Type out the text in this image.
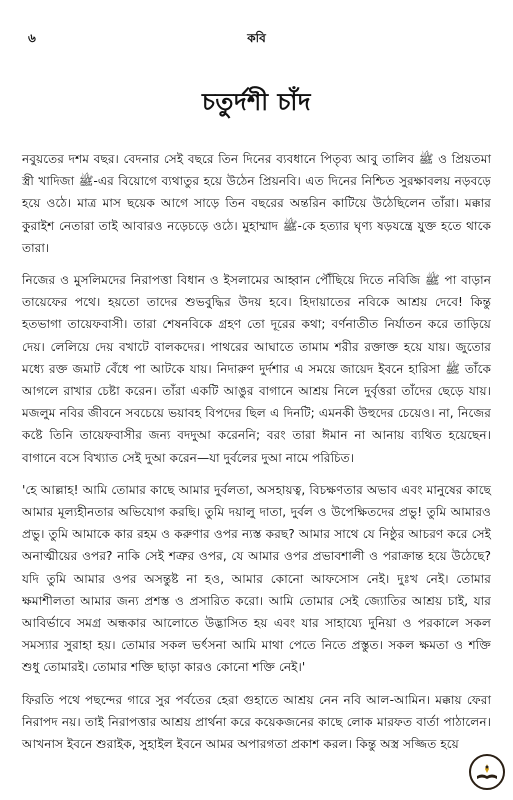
৬	কবি
চতুর্দশী চাঁদ

নবুয়তের দশম বছর। বেদনার সেই বছরে তিন দিনের ব্যবধানে পিতৃব্য আবু তালিব ﷺ ও প্রিয়তমা স্ত্রী খাদিজা ﷺ-এর বিয়োগে ব্যথাতুর হয়ে উঠেন প্রিয়নবি। এত দিনের নিশ্চিত সুরক্ষাবলয় নড়বড়ে হয়ে ওঠে। মাত্র মাস ছয়েক আগে সাড়ে তিন বছরের অন্তরিন কাটিয়ে উঠেছিলেন তাঁরা। মক্কার কুরাইশ নেতারা তাই আবারও নড়েচড়ে ওঠে। মুহাম্মাদ ﷺ-কে হত্যার ঘৃণ্য ষড়যন্ত্রে যুক্ত হতে থাকে তারা।

নিজের ও মুসলিমদের নিরাপত্তা বিধান ও ইসলামের আহ্বান পৌঁছিয়ে দিতে নবিজি ﷺ পা বাড়ান তায়েফের পথে। হয়তো তাদের শুভবুদ্ধির উদয় হবে। হিদায়াতের নবিকে আশ্রয় দেবে! কিন্তু হতভাগা তায়েফবাসী। তারা শেষনবিকে গ্রহণ তো দূরের কথা; বর্ণনাতীত নির্যাতন করে তাড়িয়ে দেয়। লেলিয়ে দেয় বখাটে বালকদের। পাথরের আঘাতে তামাম শরীর রক্তাক্ত হয়ে যায়। জুতোর মধ্যে রক্ত জমাট বেঁধে পা আটকে যায়। নিদারুণ দুর্দশার এ সময়ে জায়েদ ইবনে হারিসা ﷺ তাঁকে আগলে রাখার চেষ্টা করেন। তাঁরা একটি আঙুর বাগানে আশ্রয় নিলে দুর্বৃত্তরা তাঁদের ছেড়ে যায়। মজলুম নবির জীবনে সবচেয়ে ভয়াবহ বিপদের ছিল এ দিনটি; এমনকী উহুদের চেয়েও। না, নিজের কষ্টে তিনি তায়েফবাসীর জন্য বদদুআ করেননি; বরং তারা ঈমান না আনায় ব্যথিত হয়েছেন। বাগানে বসে বিখ্যাত সেই দুআ করেন—যা দুর্বলের দুআ নামে পরিচিত।

'হে আল্লাহ! আমি তোমার কাছে আমার দুর্বলতা, অসহায়ত্ব, বিচক্ষণতার অভাব এবং মানুষের কাছে আমার মূল্যহীনতার অভিযোগ করছি। তুমি দয়ালু দাতা, দুর্বল ও উপেক্ষিতদের প্রভু! তুমি আমারও প্রভু। তুমি আমাকে কার রহম ও করুণার ওপর ন্যস্ত করছ? আমার সাথে যে নিষ্ঠুর আচরণ করে সেই অনাত্মীয়ের ওপর? নাকি সেই শত্রুর ওপর, যে আমার ওপর প্রভাবশালী ও পরাক্রান্ত হয়ে উঠেছে? যদি তুমি আমার ওপর অসন্তুষ্ট না হও, আমার কোনো আফসোস নেই। দুঃখ নেই। তোমার ক্ষমাশীলতা আমার জন্য প্রশস্ত ও প্রসারিত করো। আমি তোমার সেই জ্যোতির আশ্রয় চাই, যার আবির্ভাবে সমগ্র অন্ধকার আলোতে উদ্ভাসিত হয় এবং যার সাহায্যে দুনিয়া ও পরকালে সকল সমস্যার সুরাহা হয়। তোমার সকল ভর্ৎসনা আমি মাথা পেতে নিতে প্রস্তুত। সকল ক্ষমতা ও শক্তি শুধু তোমারই। তোমার শক্তি ছাড়া কারও কোনো শক্তি নেই।'

ফিরতি পথে পছন্দের গারে সুর পর্বতের হেরা গুহাতে আশ্রয় নেন নবি আল-আমিন। মক্কায় ফেরা নিরাপদ নয়। তাই নিরাপত্তার আশ্রয় প্রার্থনা করে কয়েকজনের কাছে লোক মারফত বার্তা পাঠালেন। আখনাস ইবনে শুরাইক, সুহাইল ইবনে আমর অপারগতা প্রকাশ করল। কিন্তু অস্ত্র সজ্জিত হয়ে
